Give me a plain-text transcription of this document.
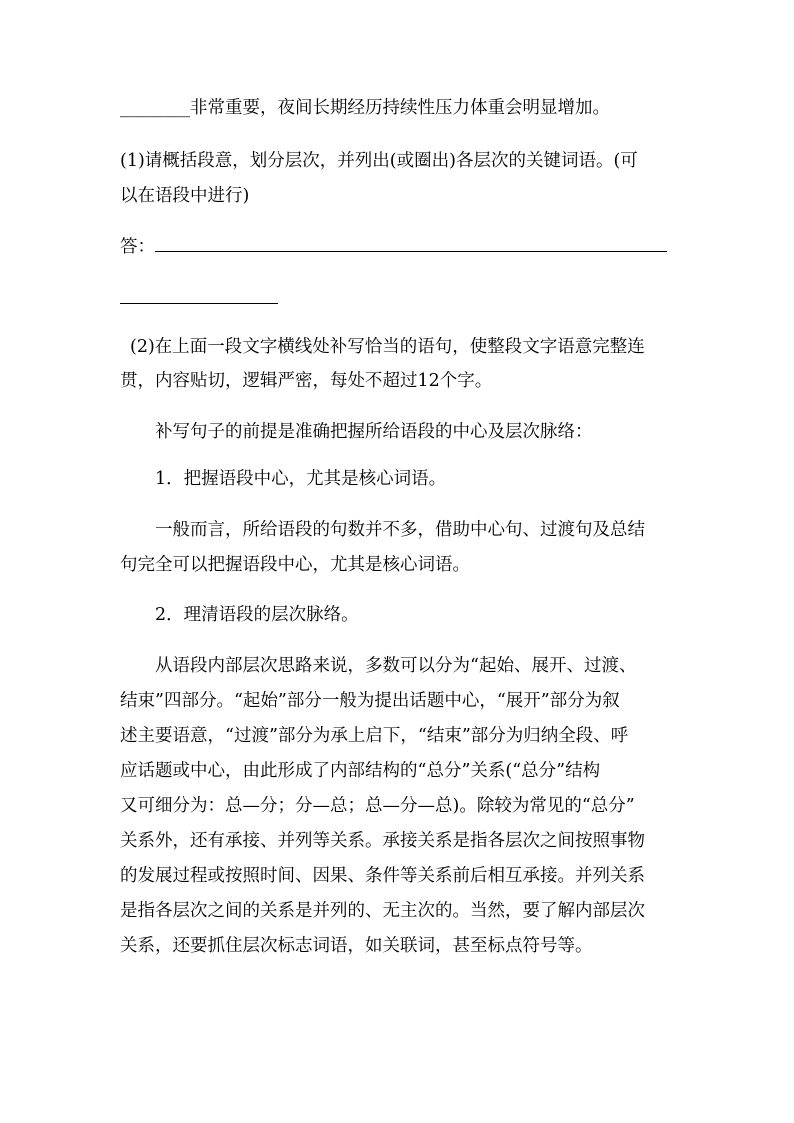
________非常重要，夜间长期经历持续性压力体重会明显增加。
(1)请概括段意，划分层次，并列出(或圈出)各层次的关键词语。(可
以在语段中进行)
答：
(2)在上面一段文字横线处补写恰当的语句，使整段文字语意完整连
贯，内容贴切，逻辑严密，每处不超过12个字。
补写句子的前提是准确把握所给语段的中心及层次脉络：
1．把握语段中心，尤其是核心词语。
一般而言，所给语段的句数并不多，借助中心句、过渡句及总结
句完全可以把握语段中心，尤其是核心词语。
2．理清语段的层次脉络。
从语段内部层次思路来说，多数可以分为“起始、展开、过渡、
结束”四部分。“起始”部分一般为提出话题中心，“展开”部分为叙
述主要语意，“过渡”部分为承上启下，“结束”部分为归纳全段、呼
应话题或中心，由此形成了内部结构的“总分”关系(“总分”结构
又可细分为：总—分；分—总；总—分—总)。除较为常见的“总分”
关系外，还有承接、并列等关系。承接关系是指各层次之间按照事物
的发展过程或按照时间、因果、条件等关系前后相互承接。并列关系
是指各层次之间的关系是并列的、无主次的。当然，要了解内部层次
关系，还要抓住层次标志词语，如关联词，甚至标点符号等。
